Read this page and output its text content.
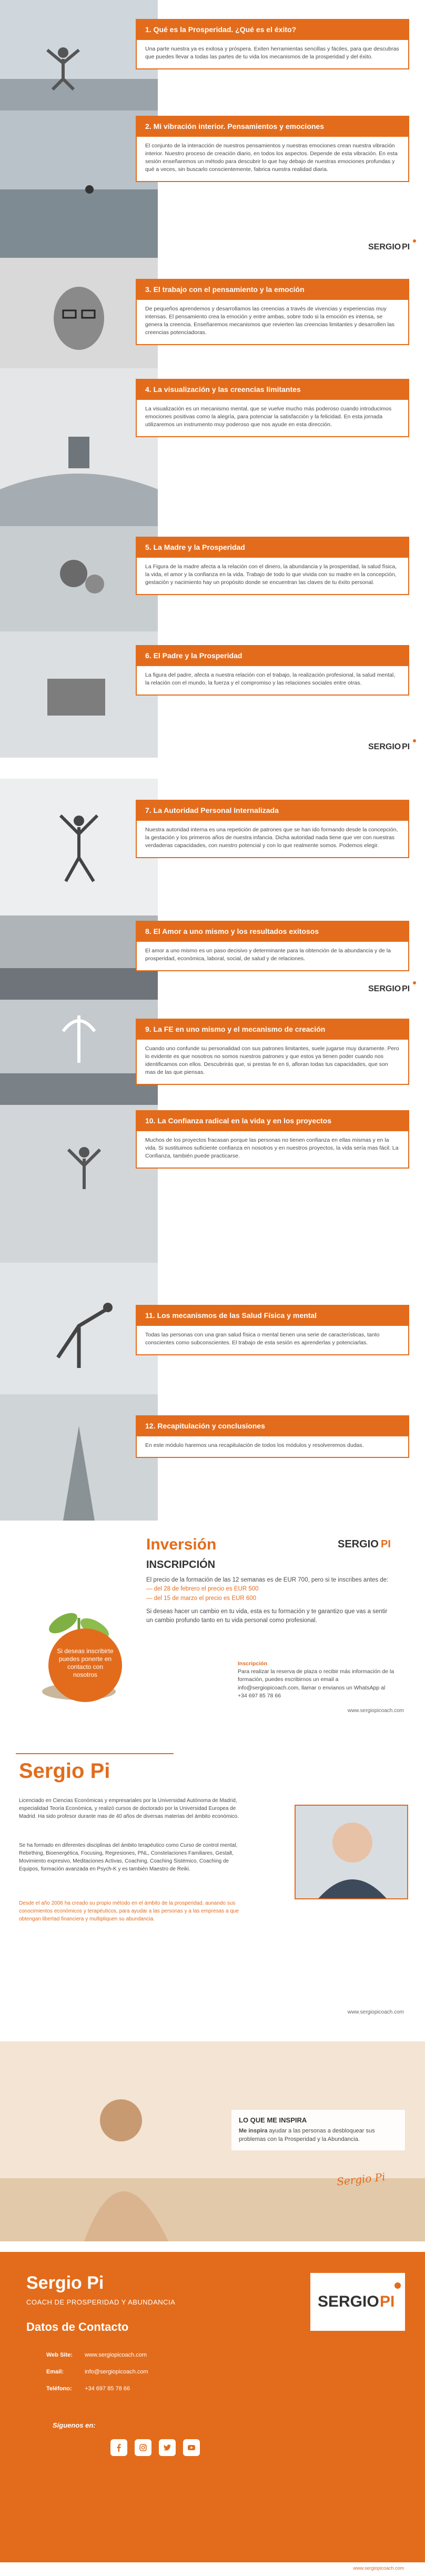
1. Qué es la Prosperidad. ¿Qué es el éxito?
Una parte nuestra ya es exitosa y próspera. Exiten herramientas sencillas y fáciles, para que descubras que puedes llevar a todas las partes de tu vida los mecanismos de la prosperidad y del éxito.
2. Mi vibración interior. Pensamientos y emociones
El conjunto de la interacción de nuestros pensamientos y nuestras emociones crean nuestra vibración interior. Nuestro proceso de creación diario, en todos los aspectos. Depende de esta vibración. En esta sesión enseñaremos un método para descubrir lo que hay debajo de nuestras emociones profundas y qué a veces, sin buscarlo conscientemente, fabrica nuestra realidad diaria.
SERGIO PI
3. El trabajo con el pensamiento y la emoción
De pequeños aprendemos y desarrollamos las creencias a través de vivencias y experiencias muy intensas. El pensamiento crea la emoción y entre ambas, sobre todo si la emoción es intensa, se genera la creencia. Enseñaremos mecanismos que revierten las creencias limitantes y desarrollen las creencias potenciadoras.
4. La visualización y las creencias limitantes
La visualización es un mecanismo mental, que se vuelve mucho más poderoso cuando introducimos emociones positivas como la alegría, para potenciar la satisfacción y la felicidad. En esta jornada utilizaremos un instrumento muy poderoso que nos ayude en esta dirección.
5. La Madre y la Prosperidad
La Figura de la madre afecta a la relación con el dinero, la abundancia y la prosperidad, la salud física, la vida, el amor y la confianza en la vida. Trabajo de todo lo que vivida con su madre en la concepción, gestación y nacimiento hay un propósito donde se encuentran las claves de tu éxito personal.
6. El Padre y la Prosperidad
La figura del padre, afecta a nuestra relación con el trabajo, la realización profesional, la salud mental, la relación con el mundo, la fuerza y el compromiso y las relaciones sociales entre otras.
SERGIO PI
7. La Autoridad Personal Internalizada
Nuestra autoridad interna es una repetición de patrones que se han ido formando desde la concepción, la gestación y los primeros años de nuestra infancia. Dicha autoridad nada tiene que ver con nuestras verdaderas capacidades, con nuestro potencial y con lo que realmente somos. Podemos elegir.
8. El Amor a uno mismo y los resultados exitosos
El amor a uno mismo es un paso decisivo y determinante para la obtención de la abundancia y de la prosperidad, económica, laboral, social, de salud y de relaciones.
SERGIO PI
9. La FE en uno mismo y el mecanismo de creación
Cuando uno confunde su personalidad con sus patrones limitantes, suele jugarse muy duramente. Pero lo evidente es que nosotros no somos nuestros patrones y que estos ya tienen poder cuando nos identificamos con ellos. Descubrirás que, si prestas fe en ti, afloran todas tus capacidades, que son mas de las que piensas.
10. La Confianza radical en la vida y en los proyectos
Muchos de los proyectos fracasan porque las personas no tienen confianza en ellas mismas y en la vida. Si sustituimos suficiente confianza en nosotros y en nuestros proyectos, la vida sería mas fácil. La Confianza, también puede practicarse.
11. Los mecanismos de las Salud Física y mental
Todas las personas con una gran salud física o mental tienen una serie de características, tanto conscientes como subconscientes. El trabajo de esta sesión es aprenderlas y potenciarlas.
12. Recapitulación y conclusiones
En este módulo haremos una recapitulación de todos los módulos y resolveremos dudas.
Inversión
INSCRIPCIÓN
SERGIO PI

El precio de la formación de las 12 semanas es de EUR 700, pero si te inscribes antes de:

— del 28 de febrero el precio es EUR 500

— del 15 de marzo el precio es EUR 600

Si deseas hacer un cambio en tu vida, esta es tu formación y te garantizo que vas a sentir un cambio profundo tanto en tu vida personal como profesional.

Si deseas inscribirte puedes ponerte en contacto con nosotros
Inscripción
Para realizar la reserva de plaza o recibir más información de la formación, puedes escribirnos un email a info@sergiopicoach.com, llamar o envianos un WhatsApp al +34 697 85 78 66
www.sergiopicoach.com
Sergio Pi
Licenciado en Ciencias Económicas y empresariales por la Universidad Autónoma de Madrid, especialidad Teoría Económica, y realizó cursos de doctorado por la Universidad Europea de Madrid. Ha sido profesor durante mas de 40 años de diversas materias del ámbito económico.
Se ha formado en diferentes disciplinas del ámbito terapéutico como Curso de control mental, Rebirthing, Bioenergética, Focusing, Regresiones, PNL, Constelaciones Familiares, Gestalt, Movimiento expresivo, Meditaciones Activas, Coaching, Coaching Sistémico, Coaching de Equipos, formación avanzada en Psych-K y es también Maestro de Reiki.
Desde el año 2006 ha creado su propio método en el ámbito de la prosperidad, aunando sus conocimientos económicos y terapéuticos, para ayudar a las personas y a las empresas a que obtengan libertad financiera y multipliquen su abundancia.
www.sergiopicoach.com
LO QUE ME INSPIRA
Me inspira ayudar a las personas a desbloquear sus problemas con la Prosperidad y la Abundancia.
Sergio Pi
Sergio Pi
COACH DE PROSPERIDAD Y ABUNDANCIA
Datos de Contacto
Web Site: www.sergiopicoach.com
Email:	info@sergiopicoach.com
Teléfono: +34 697 85 78 66
Síguenos en:
SERGIO PI
www.sergiopicoach.com
